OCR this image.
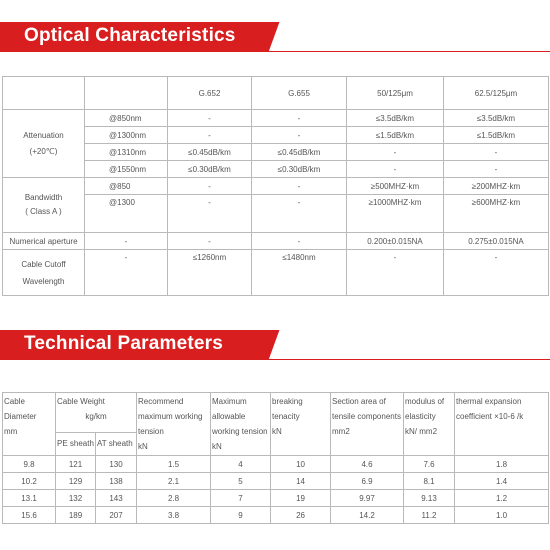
Optical Characteristics
		G.652	G.655	50/125μm	62.5/125μm

Attenuation
(+20℃)	@850nm	-	-	≤3.5dB/km	≤3.5dB/km
	@1300nm	-	-	≤1.5dB/km	≤1.5dB/km
	@1310nm	≤0.45dB/km	≤0.45dB/km	-	-
	@1550nm	≤0.30dB/km	≤0.30dB/km	-	-

Bandwidth
( Class A )	@850	-	-	≥500MHZ·km	≥200MHZ·km
	@1300	-	-	≥1000MHZ·km	≥600MHZ·km
Numerical aperture	-	-	-	0.200±0.015NA	0.275±0.015NA

Cable Cutoff
Wavelength	-	≤1260nm	≤1480nm	-	-
Technical Parameters
Cable
Diameter
mm	Cable Weight
kg/km		Recommend
maximum working
tension
kN	Maximum
allowable
working tension
kN	breaking
tenacity
kN	Section area of
tensile components
mm2	modulus of
elasticity
kN/ mm2	thermal expansion
coefficient ×10-6 /k

	PE sheath	AT sheath						
9.8	121	130	1.5	4	10	4.6	7.6	1.8
10.2	129	138	2.1	5	14	6.9	8.1	1.4
13.1	132	143	2.8	7	19	9.97	9.13	1.2
15.6	189	207	3.8	9	26	14.2	11.2	1.0
